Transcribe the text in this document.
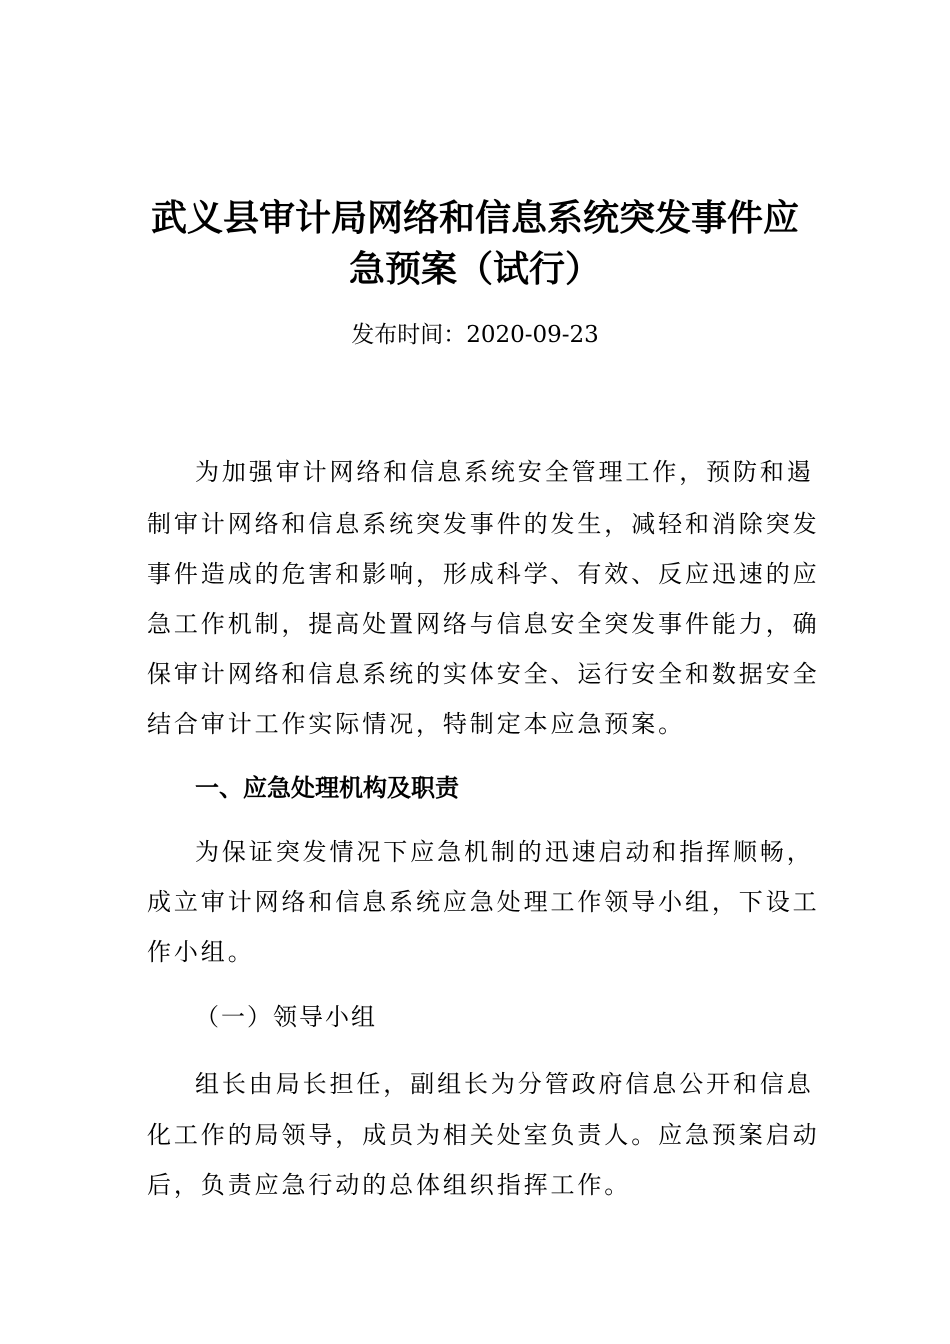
武义县审计局网络和信息系统突发事件应
急预案（试行）
发布时间：2020-09-23
为加强审计网络和信息系统安全管理工作，预防和遏
制审计网络和信息系统突发事件的发生，减轻和消除突发
事件造成的危害和影响，形成科学、有效、反应迅速的应
急工作机制，提高处置网络与信息安全突发事件能力，确
保审计网络和信息系统的实体安全、运行安全和数据安全
结合审计工作实际情况，特制定本应急预案。
一、应急处理机构及职责
为保证突发情况下应急机制的迅速启动和指挥顺畅，
成立审计网络和信息系统应急处理工作领导小组，下设工
作小组。
（一）领导小组
组长由局长担任，副组长为分管政府信息公开和信息
化工作的局领导，成员为相关处室负责人。应急预案启动
后，负责应急行动的总体组织指挥工作。
